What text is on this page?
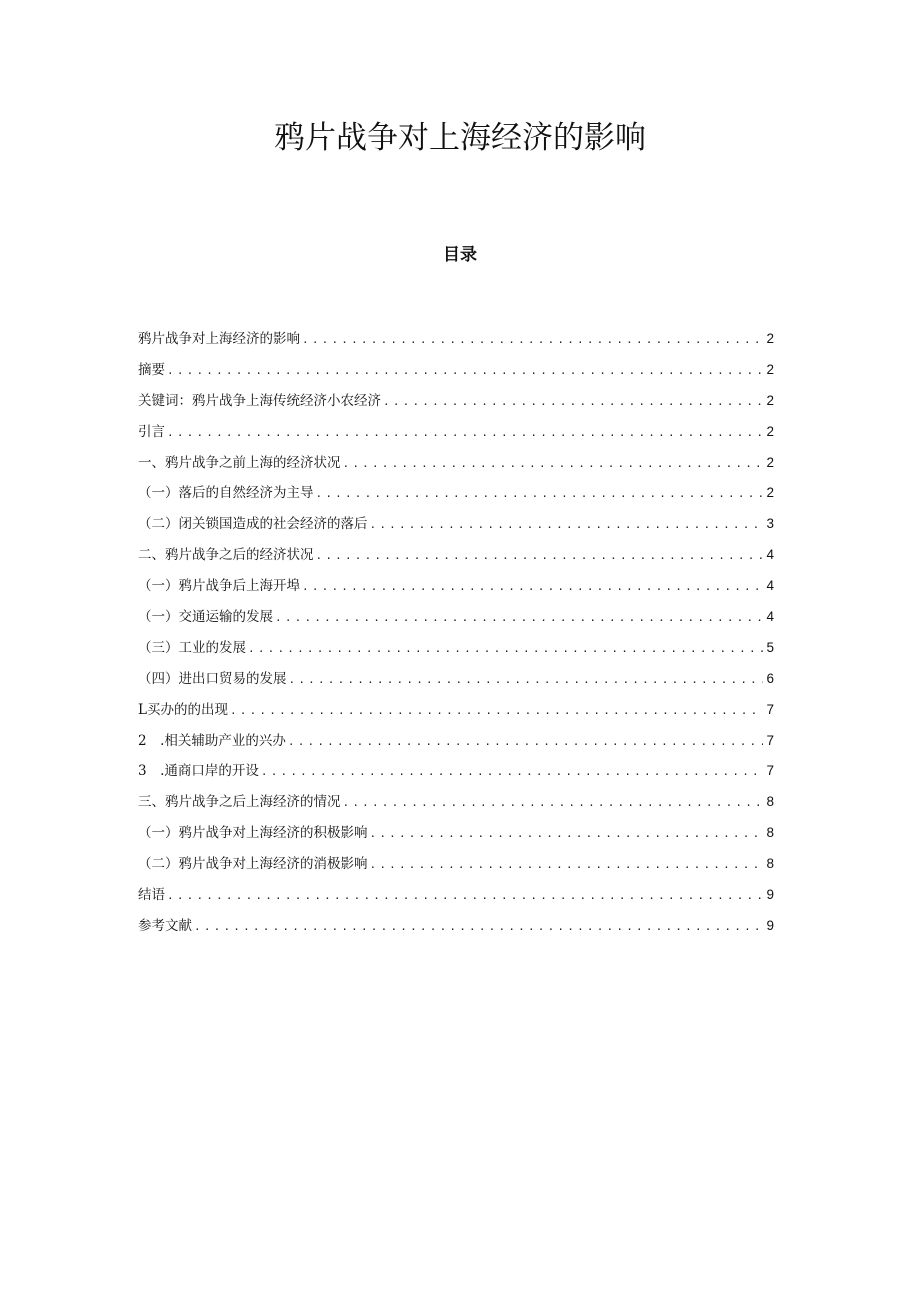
鸦片战争对上海经济的影响
目录
鸦片战争对上海经济的影响 .....	2
摘要 .....	2
关键词：鸦片战争上海传统经济小农经济 .....	2
引言 .....	2
一、鸦片战争之前上海的经济状况 .....	2
（一）落后的自然经济为主导 .....	2
（二）闭关锁国造成的社会经济的落后 .....	3
二、鸦片战争之后的经济状况 .....	4
（一）鸦片战争后上海开埠 .....	4
（一）交通运输的发展 .....	4
（三）工业的发展 .....	5
（四）进出口贸易的发展 .....	6
L买办的的出现 .....	7
2　.相关辅助产业的兴办 .....	7
3　.通商口岸的开设 .....	7
三、鸦片战争之后上海经济的情况 .....	8
（一）鸦片战争对上海经济的积极影响 .....	8
（二）鸦片战争对上海经济的消极影响 .....	8
结语 .....	9
参考文献 .....	9
